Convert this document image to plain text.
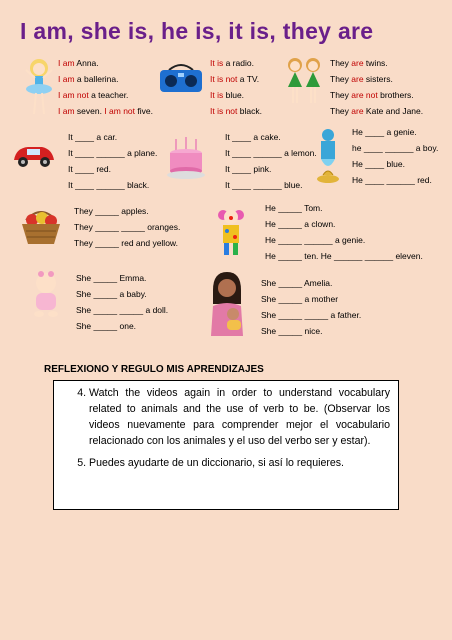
I am, she is, he is, it is, they are
I am Anna.
I am a ballerina.
I am not a teacher.
I am seven. I am not five.
It is a radio.
It is not a TV.
It is blue.
It is not black.
They are twins.
They are sisters.
They are not brothers.
They are Kate and Jane.
It ____ a car.
It ____ ______ a plane.
It ____ red.
It ____ ______ black.
It ____ a cake.
It ____ ______ a lemon.
It ____ pink.
It ____ ______ blue.
He ____ a genie.
he ____ ______ a boy.
He ____ blue.
He ____ ______ red.
They _____ apples.
They _____ _____ oranges.
They _____ red and yellow.
He _____ Tom.
He _____ a clown.
He _____ ______ a genie.
He _____ ten. He ______ ______ eleven.
She _____ Emma.
She _____ a baby.
She _____ _____ a doll.
She _____ one.
She _____ Amelia.
She _____ a mother
She _____ _____ a father.
She _____ nice.
REFLEXIONO Y REGULO MIS APRENDIZAJES
4. Watch the videos again in order to understand vocabulary related to animals and the use of verb to be. (Observar los videos nuevamente para comprender mejor el vocabulario relacionado con los animales y el uso del verbo ser y estar).
5. Puedes ayudarte de un diccionario, si así lo requieres.
